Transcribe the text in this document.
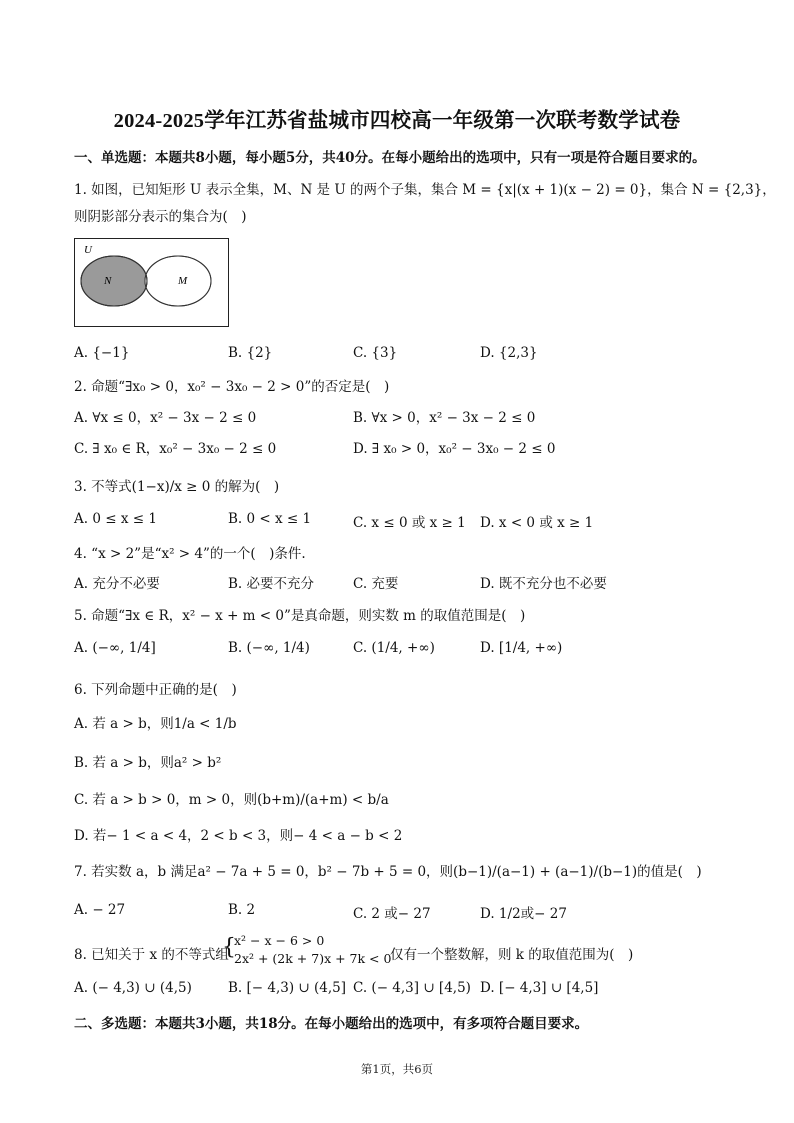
2024-2025学年江苏省盐城市四校高一年级第一次联考数学试卷
一、单选题：本题共8小题，每小题5分，共40分。在每小题给出的选项中，只有一项是符合题目要求的。
1. 如图，已知矩形 U 表示全集，M、N 是 U 的两个子集，集合 M = {x|(x + 1)(x − 2) = 0}，集合 N = {2,3}，
则阴影部分表示的集合为(　)
U
N	M
A. {−1}	B. {2}	C. {3}	D. {2,3}
2. 命题“∃x₀ > 0，x₀² − 3x₀ − 2 > 0”的否定是(　)
A. ∀x ≤ 0，x² − 3x − 2 ≤ 0	B. ∀x > 0，x² − 3x − 2 ≤ 0
C. ∃ x₀ ∈ R，x₀² − 3x₀ − 2 ≤ 0	D. ∃ x₀ > 0，x₀² − 3x₀ − 2 ≤ 0
3. 不等式(1−x)/x ≥ 0 的解为(　)
A. 0 ≤ x ≤ 1	B. 0 < x ≤ 1	C. x ≤ 0 或 x ≥ 1 D. x < 0 或 x ≥ 1
4. “x > 2”是“x² > 4”的一个(　)条件.
A. 充分不必要	B. 必要不充分	C. 充要	D. 既不充分也不必要
5. 命题“∃x ∈ R，x² − x + m < 0”是真命题，则实数 m 的取值范围是(　)
A. (−∞, 1/4]	B. (−∞, 1/4)	C. (1/4, +∞)	D. [1/4, +∞)
6. 下列命题中正确的是(　)
A. 若 a > b，则1/a < 1/b
B. 若 a > b，则a² > b²
C. 若 a > b > 0，m > 0，则(b+m)/(a+m) < b/a
D. 若− 1 < a < 4，2 < b < 3，则− 4 < a − b < 2
7. 若实数 a，b 满足a² − 7a + 5 = 0，b² − 7b + 5 = 0，则(b−1)/(a−1) + (a−1)/(b−1)的值是(　)
A. − 27	B. 2	C. 2 或− 27	D. 1/2或− 27
8. 已知关于 x 的不等式组
{
x² − x − 6 > 0
2x² + (2k + 7)x + 7k < 0
仅有一个整数解，则 k 的取值范围为(　)
A. (− 4,3) ∪ (4,5)	B. [− 4,3) ∪ (4,5] C. (− 4,3] ∪ [4,5) D. [− 4,3] ∪ [4,5]
二、多选题：本题共3小题，共18分。在每小题给出的选项中，有多项符合题目要求。
第1页，共6页
